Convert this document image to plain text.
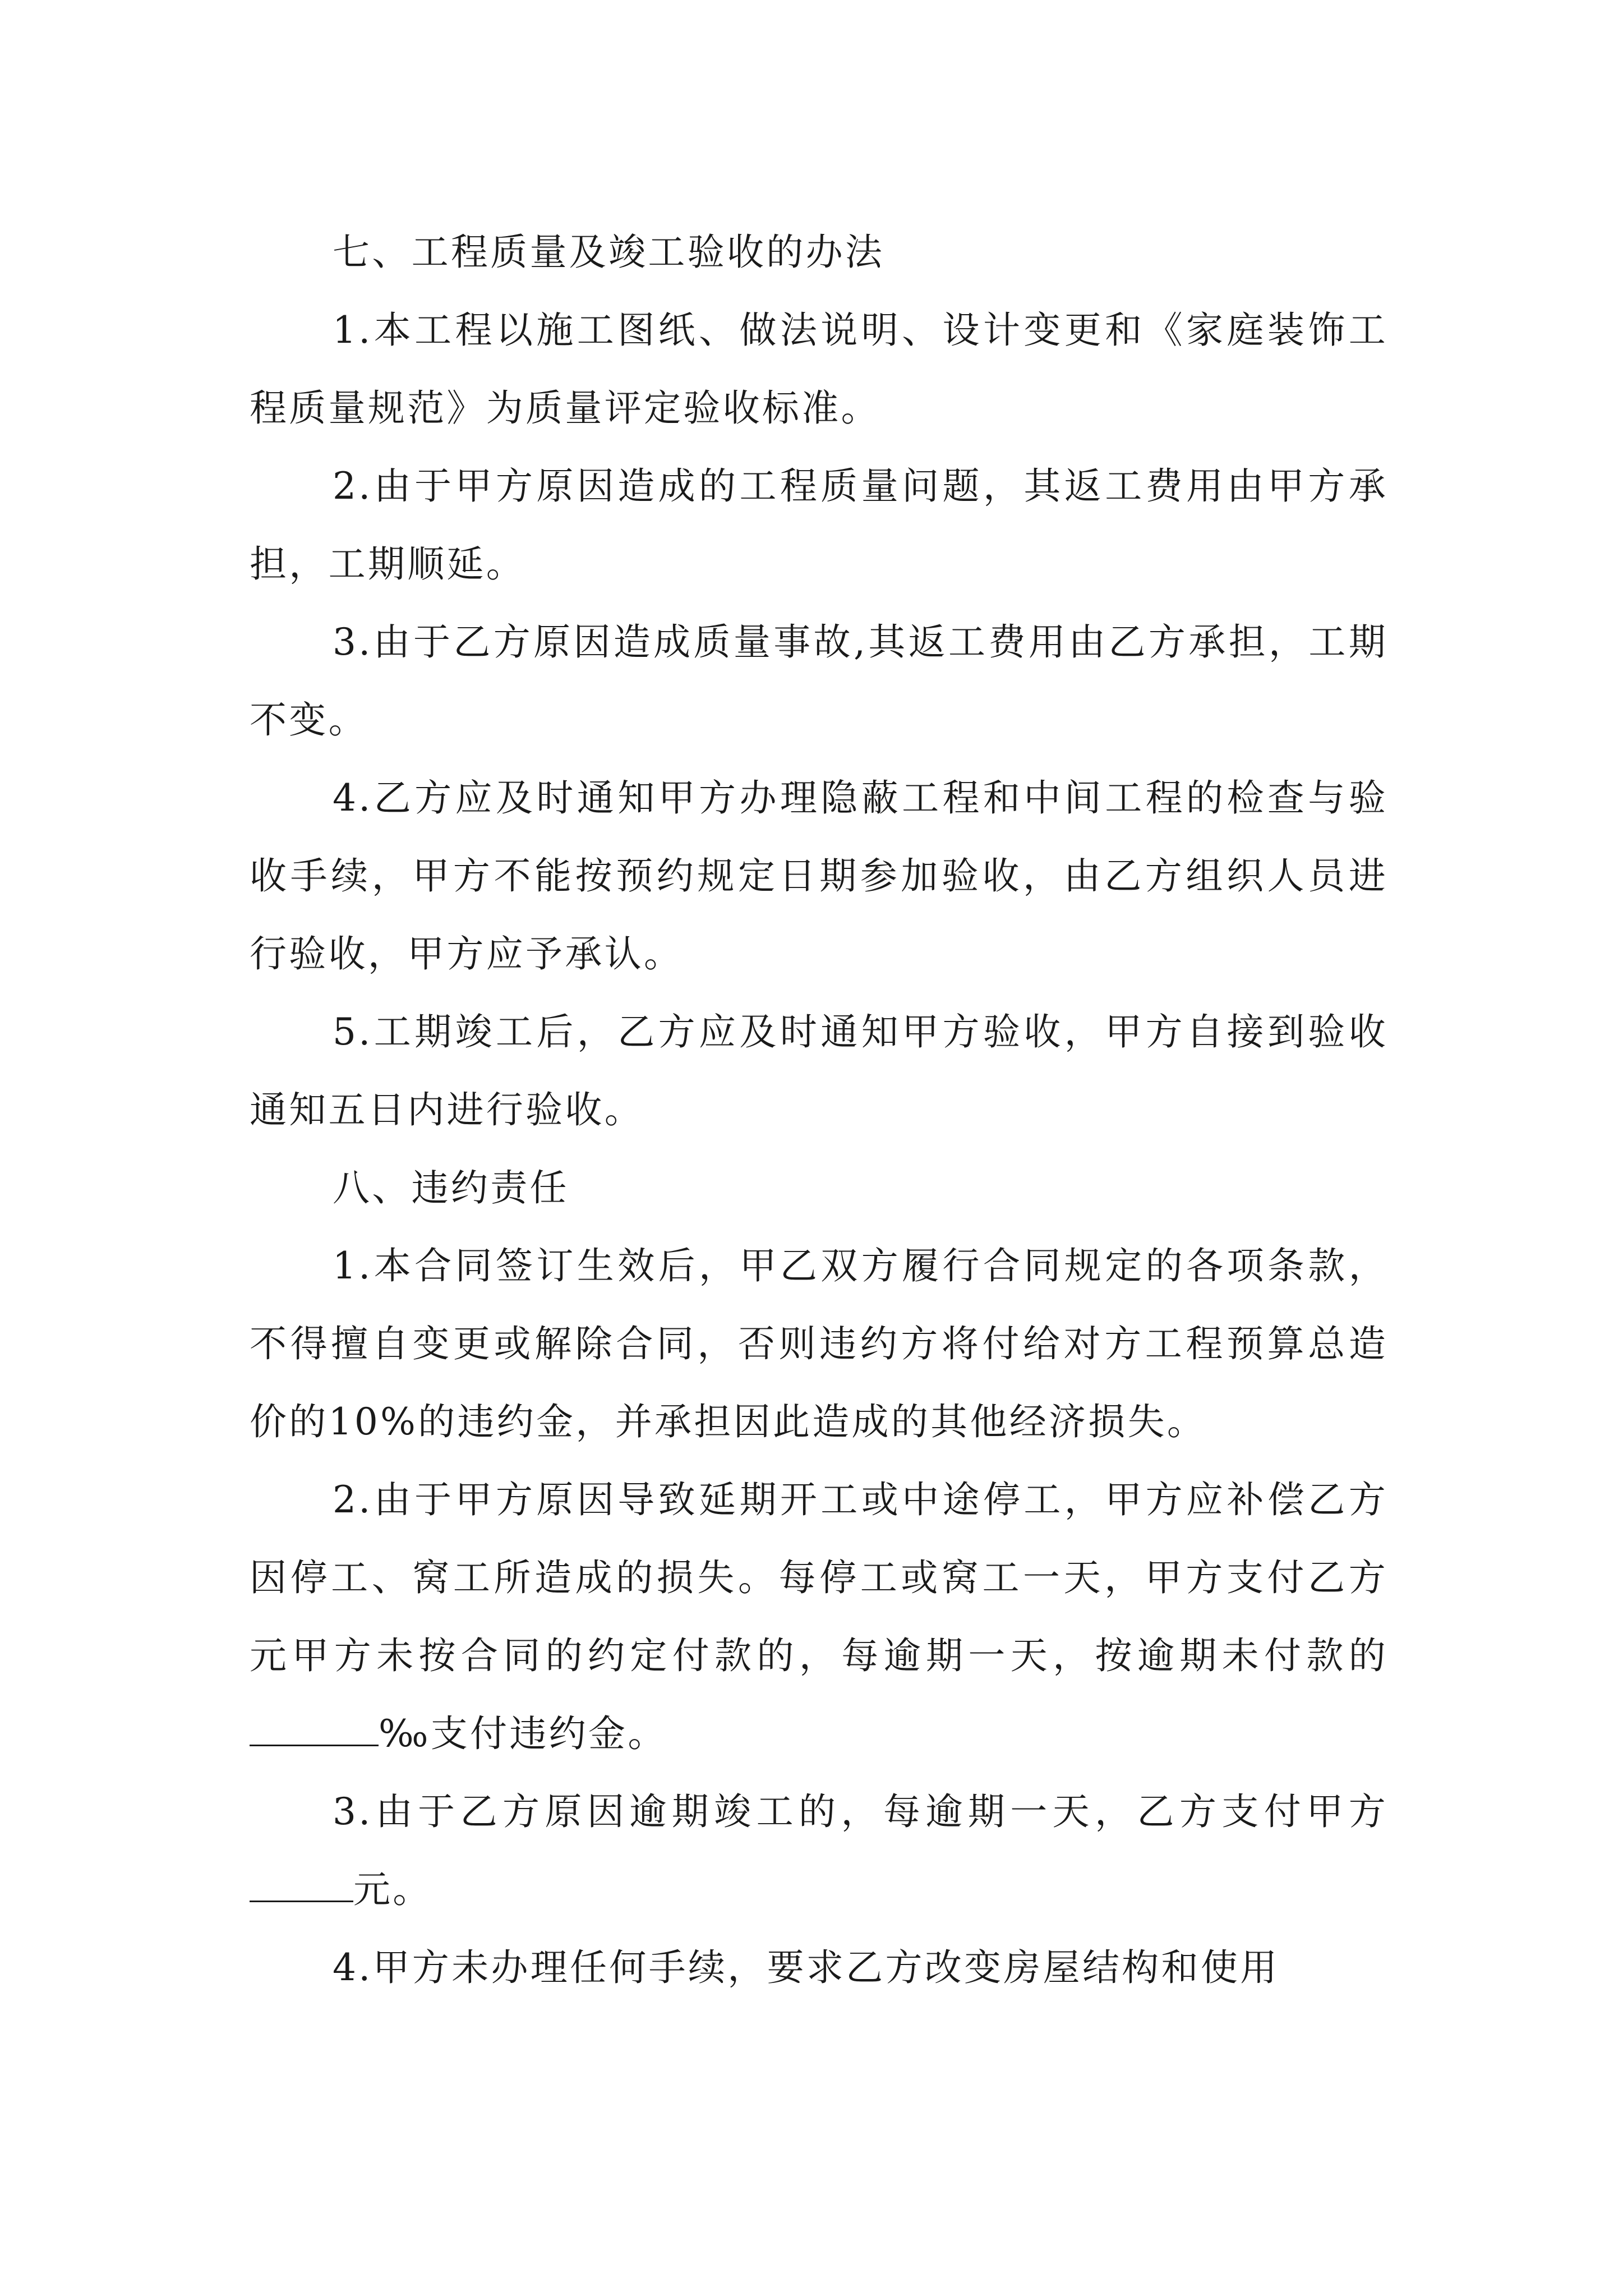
七、工程质量及竣工验收的办法

1.本工程以施工图纸、做法说明、设计变更和《家庭装饰工程质量规范》为质量评定验收标准。

2.由于甲方原因造成的工程质量问题，其返工费用由甲方承担，工期顺延。

3.由于乙方原因造成质量事故,其返工费用由乙方承担，工期不变。

4.乙方应及时通知甲方办理隐蔽工程和中间工程的检查与验收手续，甲方不能按预约规定日期参加验收，由乙方组织人员进行验收，甲方应予承认。

5.工期竣工后，乙方应及时通知甲方验收，甲方自接到验收通知五日内进行验收。

八、违约责任

1.本合同签订生效后，甲乙双方履行合同规定的各项条款，不得擅自变更或解除合同，否则违约方将付给对方工程预算总造价的10%的违约金，并承担因此造成的其他经济损失。

2.由于甲方原因导致延期开工或中途停工，甲方应补偿乙方因停工、窝工所造成的损失。每停工或窝工一天，甲方支付乙方元甲方未按合同的约定付款的，每逾期一天，按逾期未付款的‰支付违约金。

3.由于乙方原因逾期竣工的，每逾期一天，乙方支付甲方元。

4.甲方未办理任何手续，要求乙方改变房屋结构和使用
